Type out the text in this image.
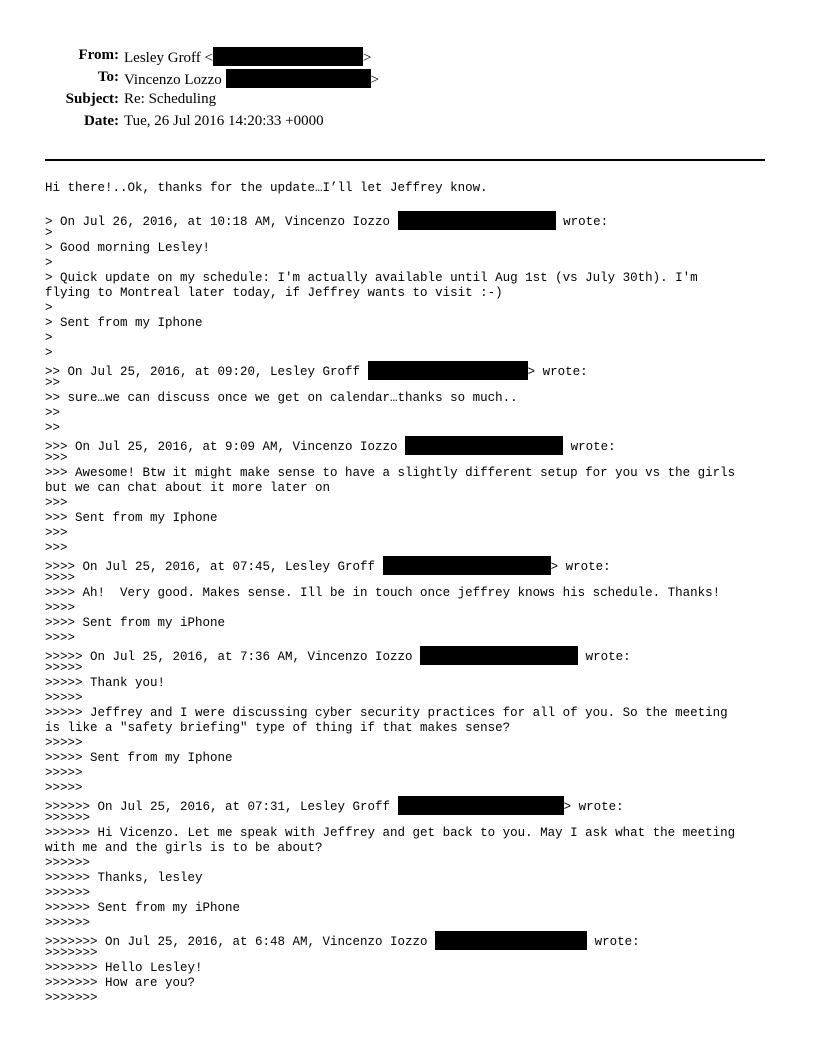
From: Lesley Groff <	>
To: Vincenzo Lozzo	>
Subject: Re: Scheduling
Date: Tue, 26 Jul 2016 14:20:33 +0000
Hi there!..Ok, thanks for the update…I’ll let Jeffrey know.
> On Jul 26, 2016, at 10:18 AM, Vincenzo Iozzo	wrote:
>
> Good morning Lesley!
>
> Quick update on my schedule: I'm actually available until Aug 1st (vs July 30th). I'm
flying to Montreal later today, if Jeffrey wants to visit :-)
>
> Sent from my Iphone
>
>
>> On Jul 25, 2016, at 09:20, Lesley Groff	> wrote:
>>
>> sure…we can discuss once we get on calendar…thanks so much..
>>
>>
>>> On Jul 25, 2016, at 9:09 AM, Vincenzo Iozzo	wrote:
>>>
>>> Awesome! Btw it might make sense to have a slightly different setup for you vs the girls
but we can chat about it more later on
>>>
>>> Sent from my Iphone
>>>
>>>
>>>> On Jul 25, 2016, at 07:45, Lesley Groff	> wrote:
>>>>
>>>> Ah!  Very good. Makes sense. Ill be in touch once jeffrey knows his schedule. Thanks!
>>>>
>>>> Sent from my iPhone
>>>>
>>>>> On Jul 25, 2016, at 7:36 AM, Vincenzo Iozzo	wrote:
>>>>>
>>>>> Thank you!
>>>>>
>>>>> Jeffrey and I were discussing cyber security practices for all of you. So the meeting
is like a "safety briefing" type of thing if that makes sense?
>>>>>
>>>>> Sent from my Iphone
>>>>>
>>>>>
>>>>>> On Jul 25, 2016, at 07:31, Lesley Groff	> wrote:
>>>>>>
>>>>>> Hi Vicenzo. Let me speak with Jeffrey and get back to you. May I ask what the meeting
with me and the girls is to be about?
>>>>>>
>>>>>> Thanks, lesley
>>>>>>
>>>>>> Sent from my iPhone
>>>>>>
>>>>>>> On Jul 25, 2016, at 6:48 AM, Vincenzo Iozzo	wrote:
>>>>>>>
>>>>>>> Hello Lesley!
>>>>>>> How are you?
>>>>>>>
